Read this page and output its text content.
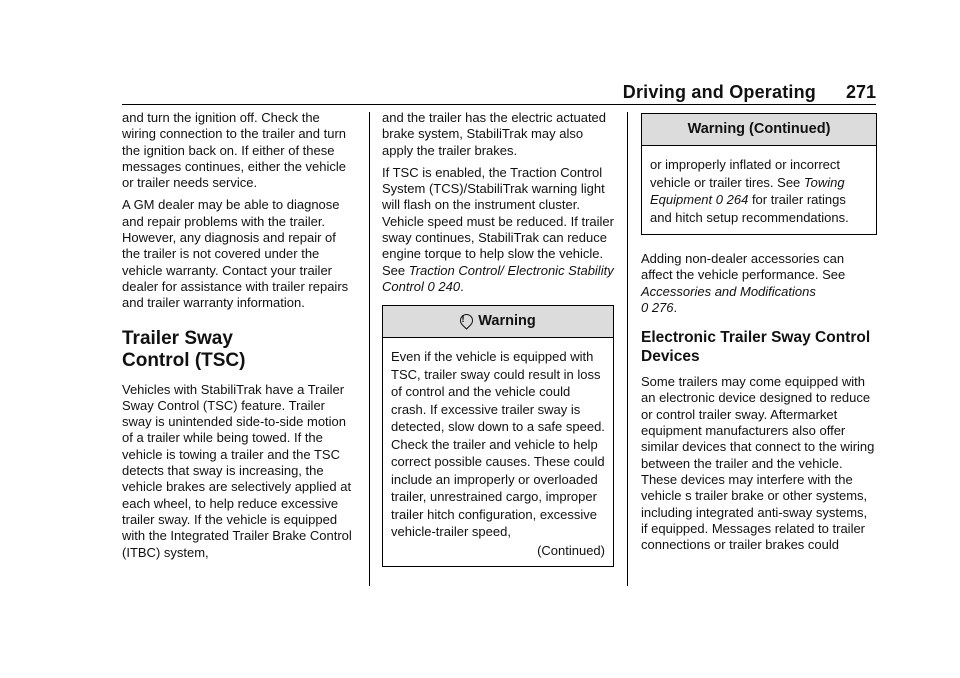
Driving and Operating	271

and turn the ignition off. Check the wiring connection to the trailer and turn the ignition back on. If either of these messages continues, either the vehicle or trailer needs service.

A GM dealer may be able to diagnose and repair problems with the trailer. However, any diagnosis and repair of the trailer is not covered under the vehicle warranty. Contact your trailer dealer for assistance with trailer repairs and trailer warranty information.

Trailer Sway
Control (TSC)

Vehicles with StabiliTrak have a Trailer Sway Control (TSC) feature. Trailer sway is unintended side-to-side motion of a trailer while being towed. If the vehicle is towing a trailer and the TSC detects that sway is increasing, the vehicle brakes are selectively applied at each wheel, to help reduce excessive trailer sway. If the vehicle is equipped with the Integrated Trailer Brake Control (ITBC) system,

and the trailer has the electric actuated brake system, StabiliTrak may also apply the trailer brakes.

If TSC is enabled, the Traction Control System (TCS)/StabiliTrak warning light will flash on the instrument cluster. Vehicle speed must be reduced. If trailer sway continues, StabiliTrak can reduce engine torque to help slow the vehicle. See Traction Control/ Electronic Stability Control 0 240.

!Warning

Even if the vehicle is equipped with TSC, trailer sway could result in loss of control and the vehicle could crash. If excessive trailer sway is detected, slow down to a safe speed. Check the trailer and vehicle to help correct possible causes. These could include an improperly or overloaded trailer, unrestrained cargo, improper trailer hitch configuration, excessive vehicle-trailer speed,

(Continued)
Warning (Continued)

or improperly inflated or incorrect vehicle or trailer tires. See Towing Equipment 0 264 for trailer ratings and hitch setup recommendations.

Adding non-dealer accessories can affect the vehicle performance. See Accessories and Modifications
0 276.

Electronic Trailer Sway Control Devices

Some trailers may come equipped with an electronic device designed to reduce or control trailer sway. Aftermarket equipment manufacturers also offer similar devices that connect to the wiring between the trailer and the vehicle. These devices may interfere with the vehicle s trailer brake or other systems, including integrated anti-sway systems, if equipped. Messages related to trailer connections or trailer brakes could
